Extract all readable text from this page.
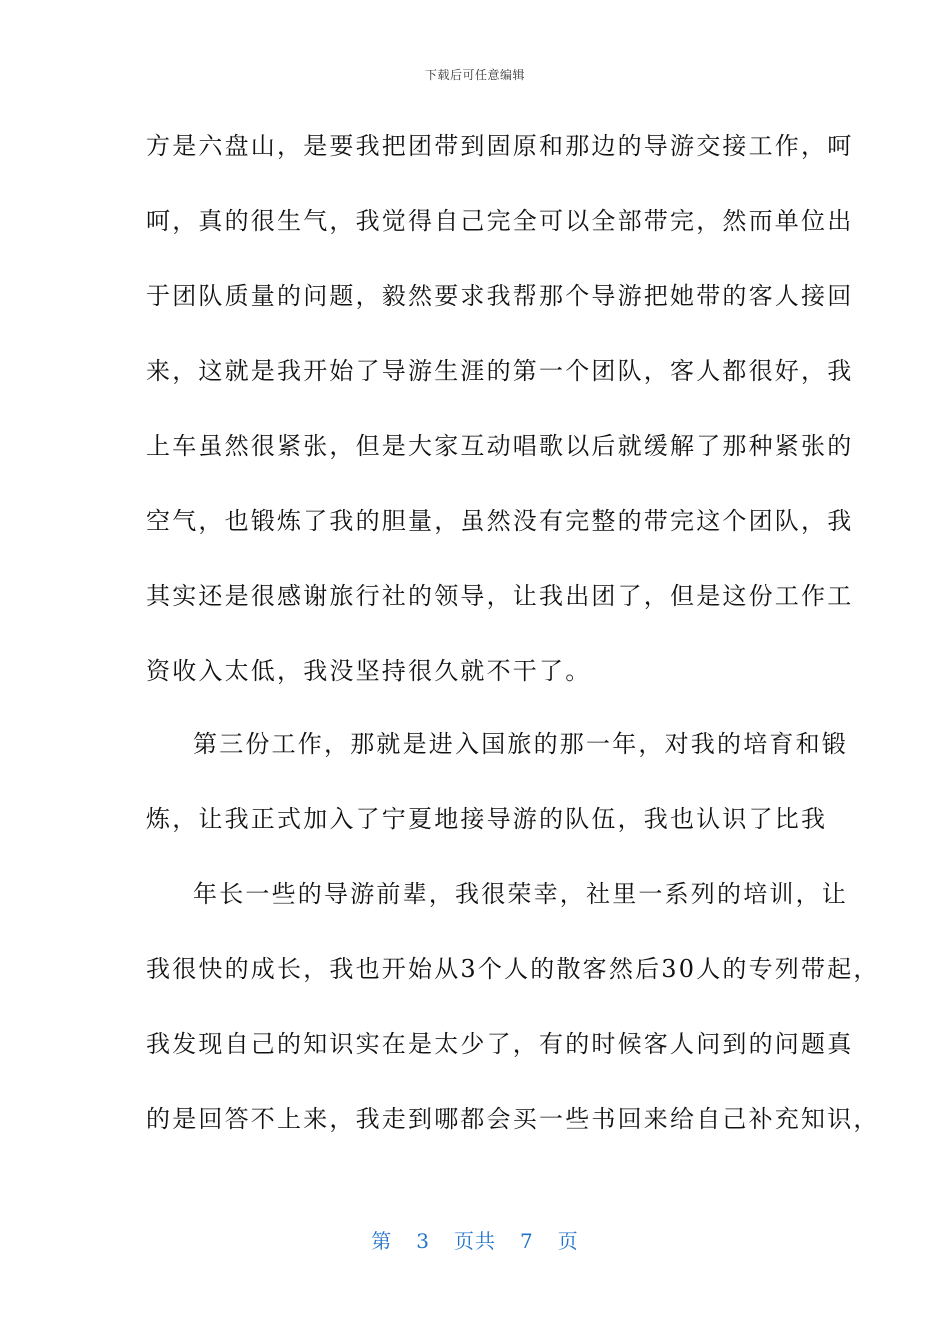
下载后可任意编辑
方是六盘山，是要我把团带到固原和那边的导游交接工作，呵
呵，真的很生气，我觉得自己完全可以全部带完，然而单位出
于团队质量的问题，毅然要求我帮那个导游把她带的客人接回
来，这就是我开始了导游生涯的第一个团队，客人都很好，我
上车虽然很紧张，但是大家互动唱歌以后就缓解了那种紧张的
空气，也锻炼了我的胆量，虽然没有完整的带完这个团队，我
其实还是很感谢旅行社的领导，让我出团了，但是这份工作工
资收入太低，我没坚持很久就不干了。
第三份工作，那就是进入国旅的那一年，对我的培育和锻
炼，让我正式加入了宁夏地接导游的队伍，我也认识了比我
年长一些的导游前辈，我很荣幸，社里一系列的培训，让
我很快的成长，我也开始从3个人的散客然后30人的专列带起，
我发现自己的知识实在是太少了，有的时候客人问到的问题真
的是回答不上来，我走到哪都会买一些书回来给自己补充知识，
第 3 页共 7 页
